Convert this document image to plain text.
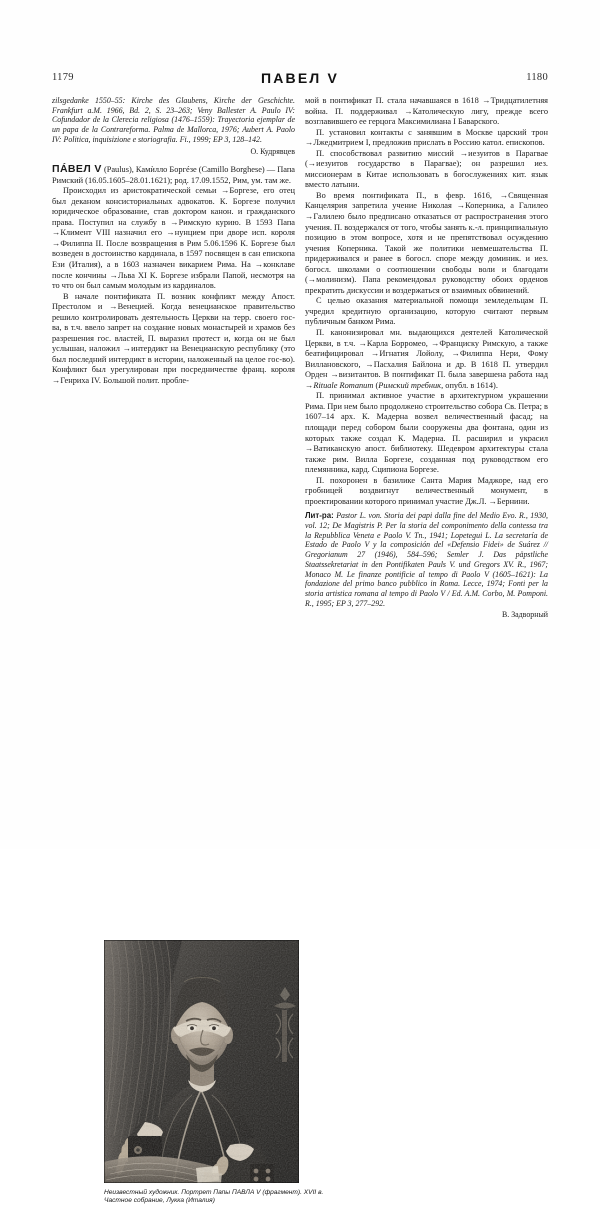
1179	ПАВЕЛ V	1180

zilsgedanke 1550–55: Kirche des Glaubens, Kirche der Geschichte. Frankfurt a.M. 1966, Bd. 2, S. 23–263; Veny Ballester A. Paulo IV: Cofundador de la Clerecia religiosa (1476–1559): Trayectoria ejemplar de un papa de la Contrareforma. Palma de Mallorca, 1976; Aubert A. Paolo IV: Politica, inquisizione e storiografia. Fi., 1999; EP 3, 128–142.

О. Кудрявцев

ПÁВЕЛ V (Paulus), Камѝлло Боргéзе (Camillo Borghese) — Папа Римский (16.05.1605–28.01.1621); род. 17.09.1552, Рим, ум. там же.

Происходил из аристократической семьи →Боргезе, его отец был деканом консисториальных адвокатов. К. Боргезе получил юридическое образование, став доктором канон. и гражданского права. Поступил на службу в →Римскую курию. В 1593 Папа →Климент VIII назначил его →нунцием при дворе исп. короля →Филиппа II. После возвращения в Рим 5.06.1596 К. Боргезе был возведен в достоинство кардинала, в 1597 посвящен в сан епископа Ези (Италия), а в 1603 назначен викарием Рима. На →конклаве после кончины →Льва XI К. Боргезе избрали Папой, несмотря на то что он был самым молодым из кардиналов.

В начале понтификата П. возник конфликт между Апост. Престолом и →Венецией. Когда венецианское правительство решило контролировать деятельность Церкви на терр. своего гос-ва, в т.ч. ввело запрет на создание новых монастырей и храмов без разрешения гос. властей, П. выразил протест и, когда он не был услышан, наложил →интердикт на Венецианскую республику (это был последний интердикт в истории, наложенный на целое гос-во). Конфликт был урегулирован при посредничестве франц. короля →Генриха IV. Большой полит. пробле-

Неизвестный художник. Портрет Папы ПАВЛА V (фрагмент). XVII в. Частное собрание, Лукка (Италия)

мой в понтификат П. стала начавшаяся в 1618 →Тридцатилетняя война. П. поддерживал →Католическую лигу, прежде всего возглавившего ее герцога Максимилиана I Баварского.

П. установил контакты с занявшим в Москве царский трон →Лжедмитрием I, предложив прислать в Россию катол. епископов.

П. способствовал развитию миссий →иезуитов в Парагвае (→иезуитов государство в Парагвае); он разрешил иез. миссионерам в Китае использовать в богослужениях кит. язык вместо латыни.

Во время понтификата П., в февр. 1616, →Священная Канцелярия запретила учение Николая →Коперника, а Галилео →Галилею было предписано отказаться от распространения этого учения. П. воздержался от того, чтобы занять к.-л. принципиальную позицию в этом вопросе, хотя и не препятствовал осуждению учения Коперника. Такой же политики невмешательства П. придерживался и ранее в богосл. споре между доминик. и иез. богосл. школами о соотношении свободы воли и благодати (→молинизм). Папа рекомендовал руководству обоих орденов прекратить дискуссии и воздержаться от взаимных обвинений.

С целью оказания материальной помощи земледельцам П. учредил кредитную организацию, которую считают первым публичным банком Рима.

П. канонизировал мн. выдающихся деятелей Католической Церкви, в т.ч. →Карла Борромео, →Франциску Римскую, а также беатифицировал →Игнатия Лойолу, →Филиппа Нери, Фому Виллановского, →Пасхалия Байлона и др. В 1618 П. утвердил Орден →визитантов. В понтификат П. была завершена работа над →Rituale Romanum (Римский требник, опубл. в 1614).

П. принимал активное участие в архитектурном украшении Рима. При нем было продолжено строительство собора Св. Петра; в 1607–14 арх. К. Мадерна возвел величественный фасад; на площади перед собором были сооружены два фонтана, один из которых также создал К. Мадерна. П. расширил и украсил →Ватиканскую апост. библиотеку. Шедевром архитектуры стала также рим. Вилла Боргезе, созданная под руководством его племянника, кард. Сципиона Боргезе.

П. похоронен в базилике Санта Мария Маджоре, над его гробницей воздвигнут величественный монумент, в проектировании которого принимал участие Дж.Л. →Бернини.

Лит-ра: Pastor L. von. Storia dei papi dalla fine del Medio Evo. R., 1930, vol. 12; De Magistris P. Per la storia del componimento della contessa tra la Repubblica Veneta e Paolo V. Tn., 1941; Lopetegui L. La secretaría de Estado de Paolo V y la composición del «Defensio Fidei» de Suárez // Gregorianum 27 (1946), 584–596; Semler J. Das päpstliche Staatssekretariat in den Pontifikaten Pauls V. und Gregors XV. R., 1967; Monaco M. Le finanze pontificie al tempo di Paolo V (1605–1621): La fondazione del primo banco pubblico in Roma. Lecce, 1974; Fonti per la storia artistica romana al tempo di Paolo V / Ed. A.M. Corbo, M. Pomponi. R., 1995; EP 3, 277–292.

В. Задворный
